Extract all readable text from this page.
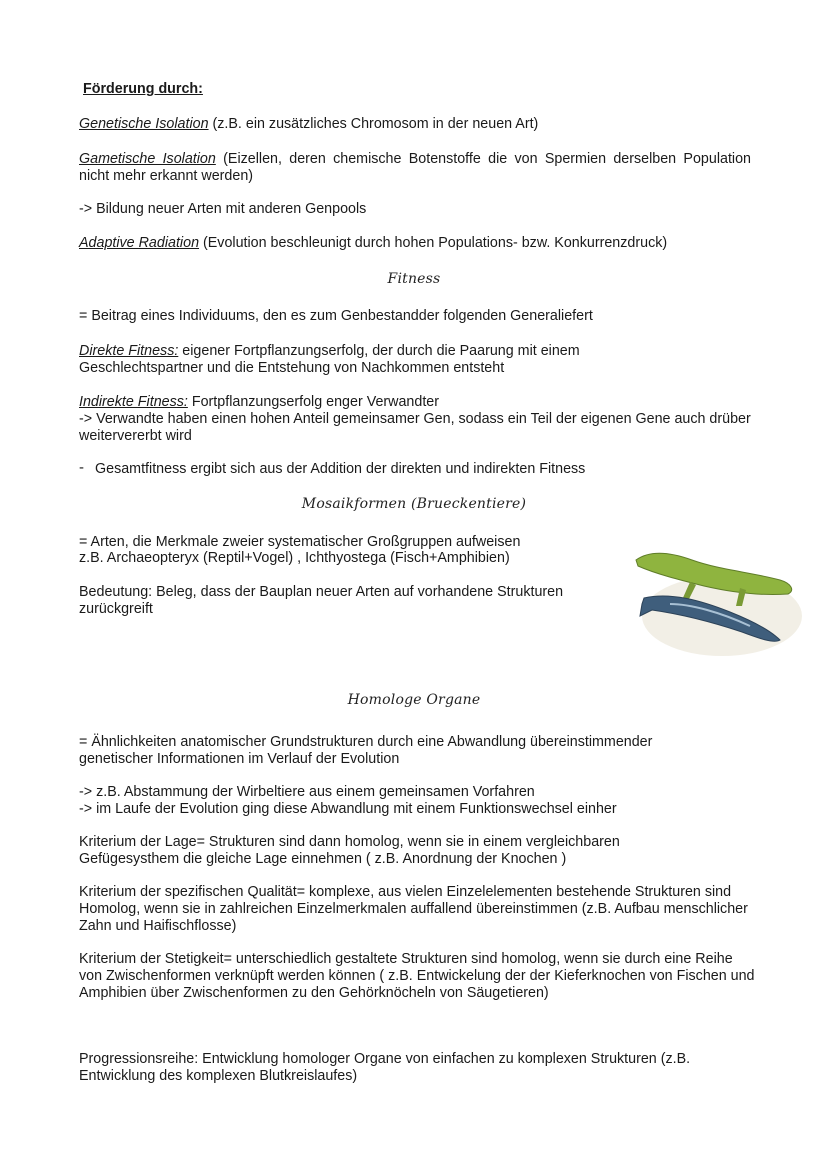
Förderung durch:

Genetische Isolation (z.B. ein zusätzliches Chromosom in der neuen Art)

Gametische Isolation (Eizellen, deren chemische Botenstoffe die von Spermien derselben Population nicht mehr erkannt werden)

-> Bildung neuer Arten mit anderen Genpools

Adaptive Radiation (Evolution beschleunigt durch hohen Populations- bzw. Konkurrenzdruck)

Fitness

= Beitrag eines Individuums, den es zum Genbestandder folgenden Generaliefert

Direkte Fitness: eigener Fortpflanzungserfolg, der durch die Paarung mit einem Geschlechtspartner und die Entstehung von Nachkommen entsteht

Indirekte Fitness: Fortpflanzungserfolg enger Verwandter

-> Verwandte haben einen hohen Anteil gemeinsamer Gen, sodass ein Teil der eigenen Gene auch drüber weitervererbt wird

- Gesamtfitness ergibt sich aus der Addition der direkten und indirekten Fitness

Mosaikformen (Brueckentiere)

= Arten, die Merkmale zweier systematischer Großgruppen aufweisen

z.B. Archaeopteryx (Reptil+Vogel) , Ichthyostega (Fisch+Amphibien)

Bedeutung: Beleg, dass der Bauplan neuer Arten auf vorhandene Strukturen zurückgreift

Homologe Organe

= Ähnlichkeiten anatomischer Grundstrukturen durch eine Abwandlung übereinstimmender genetischer Informationen im Verlauf der Evolution

-> z.B. Abstammung der Wirbeltiere aus einem gemeinsamen Vorfahren

-> im Laufe der Evolution ging diese Abwandlung mit einem Funktionswechsel einher

Kriterium der Lage= Strukturen sind dann homolog, wenn sie in einem vergleichbaren Gefügesysthem die gleiche Lage einnehmen ( z.B. Anordnung der Knochen )

Kriterium der spezifischen Qualität= komplexe, aus vielen Einzelelementen bestehende Strukturen sind Homolog, wenn sie in zahlreichen Einzelmerkmalen auffallend übereinstimmen (z.B. Aufbau menschlicher Zahn und Haifischflosse)

Kriterium der Stetigkeit= unterschiedlich gestaltete Strukturen sind homolog, wenn sie durch eine Reihe von Zwischenformen verknüpft werden können ( z.B. Entwickelung der der Kieferknochen von Fischen und Amphibien über Zwischenformen zu den Gehörknöcheln von Säugetieren)

Progressionsreihe: Entwicklung homologer Organe von einfachen zu komplexen Strukturen (z.B. Entwicklung des komplexen Blutkreislaufes)
